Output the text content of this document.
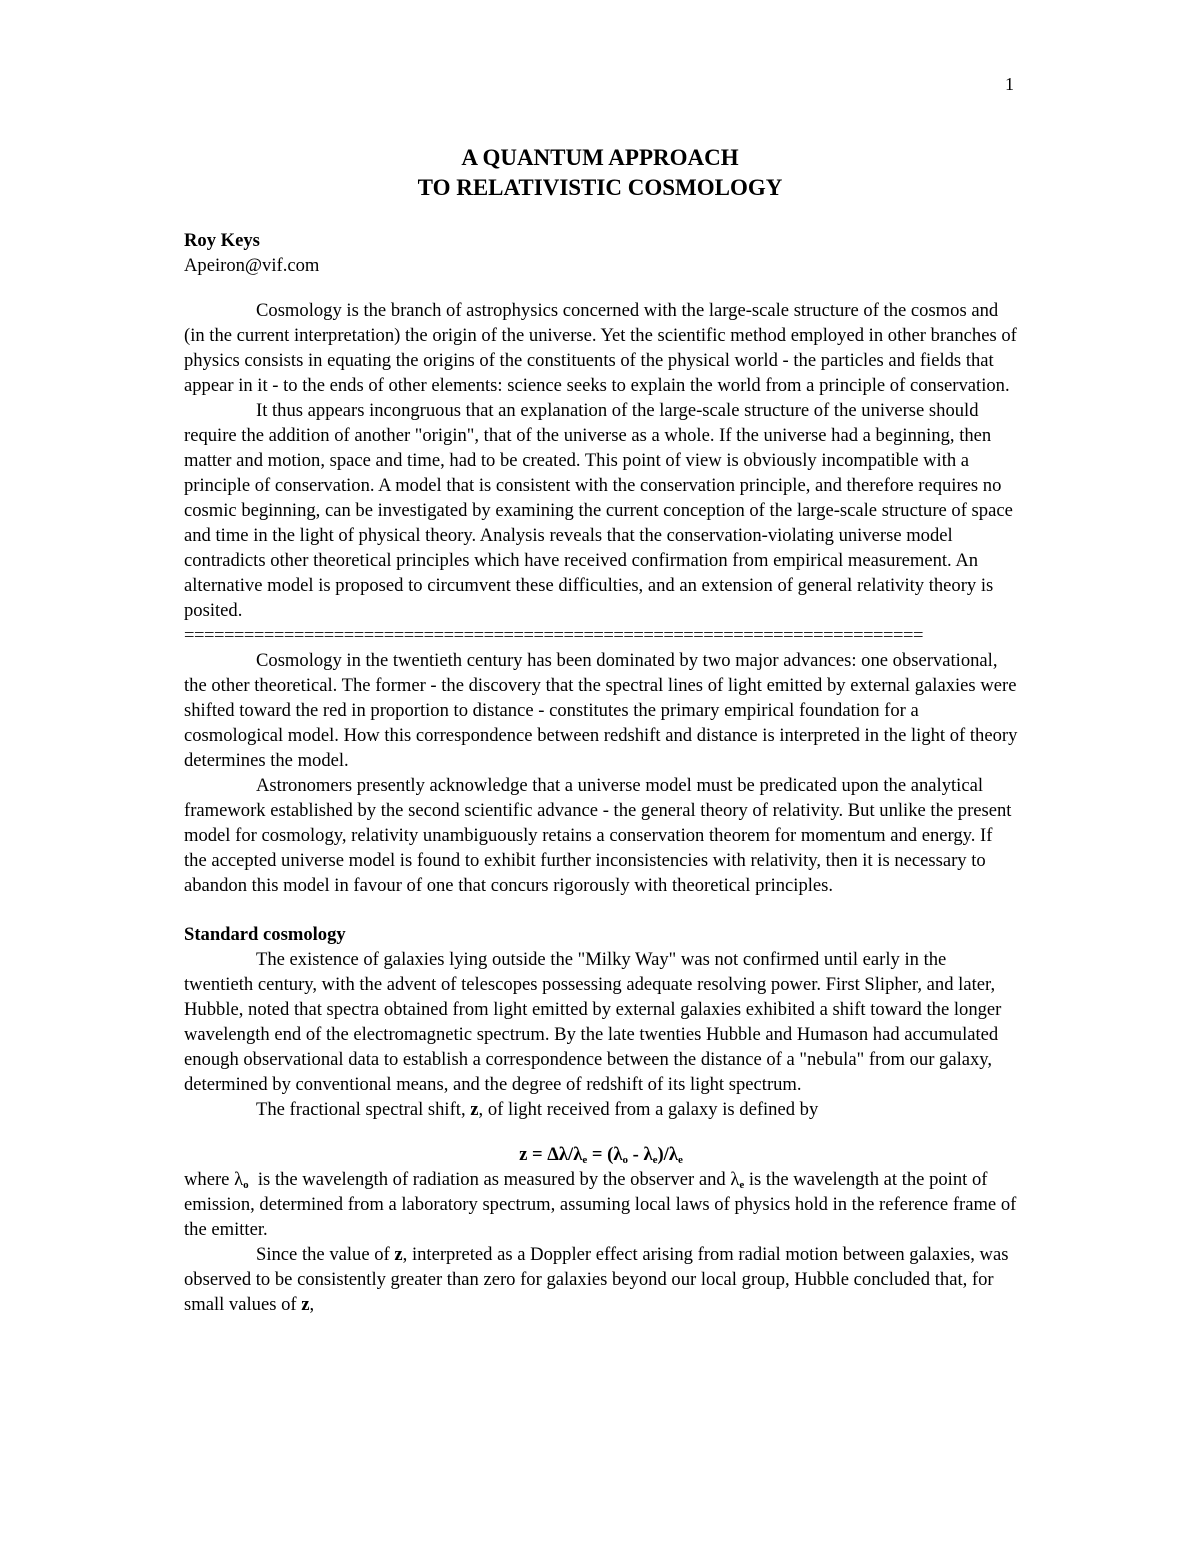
1
A QUANTUM APPROACH
TO RELATIVISTIC COSMOLOGY
Roy Keys
Apeiron@vif.com

Cosmology is the branch of astrophysics concerned with the large-scale structure of the cosmos and (in the current interpretation) the origin of the universe. Yet the scientific method employed in other branches of physics consists in equating the origins of the constituents of the physical world - the particles and fields that appear in it - to the ends of other elements: science seeks to explain the world from a principle of conservation.

It thus appears incongruous that an explanation of the large-scale structure of the universe should require the addition of another "origin", that of the universe as a whole. If the universe had a beginning, then matter and motion, space and time, had to be created. This point of view is obviously incompatible with a principle of conservation. A model that is consistent with the conservation principle, and therefore requires no cosmic beginning, can be investigated by examining the current conception of the large-scale structure of space and time in the light of physical theory. Analysis reveals that the conservation-violating universe model contradicts other theoretical principles which have received confirmation from empirical measurement. An alternative model is proposed to circumvent these difficulties, and an extension of general relativity theory is posited.

==========================================================================

Cosmology in the twentieth century has been dominated by two major advances: one observational, the other theoretical. The former - the discovery that the spectral lines of light emitted by external galaxies were shifted toward the red in proportion to distance - constitutes the primary empirical foundation for a cosmological model. How this correspondence between redshift and distance is interpreted in the light of theory determines the model.

Astronomers presently acknowledge that a universe model must be predicated upon the analytical framework established by the second scientific advance - the general theory of relativity. But unlike the present model for cosmology, relativity unambiguously retains a conservation theorem for momentum and energy. If the accepted universe model is found to exhibit further inconsistencies with relativity, then it is necessary to abandon this model in favour of one that concurs rigorously with theoretical principles.

Standard cosmology

The existence of galaxies lying outside the "Milky Way" was not confirmed until early in the twentieth century, with the advent of telescopes possessing adequate resolving power. First Slipher, and later, Hubble, noted that spectra obtained from light emitted by external galaxies exhibited a shift toward the longer wavelength end of the electromagnetic spectrum. By the late twenties Hubble and Humason had accumulated enough observational data to establish a correspondence between the distance of a "nebula" from our galaxy, determined by conventional means, and the degree of redshift of its light spectrum.

The fractional spectral shift, z, of light received from a galaxy is defined by

$z = \Delta\lambda/\lambda_e = (\lambda_o - \lambda_e)/\lambda_e$

where $\lambda_o$  is the wavelength of radiation as measured by the observer and $\lambda_e$ is the wavelength at the point of emission, determined from a laboratory spectrum, assuming local laws of physics hold in the reference frame of the emitter.

Since the value of z, interpreted as a Doppler effect arising from radial motion between galaxies, was observed to be consistently greater than zero for galaxies beyond our local group, Hubble concluded that, for small values of z,
